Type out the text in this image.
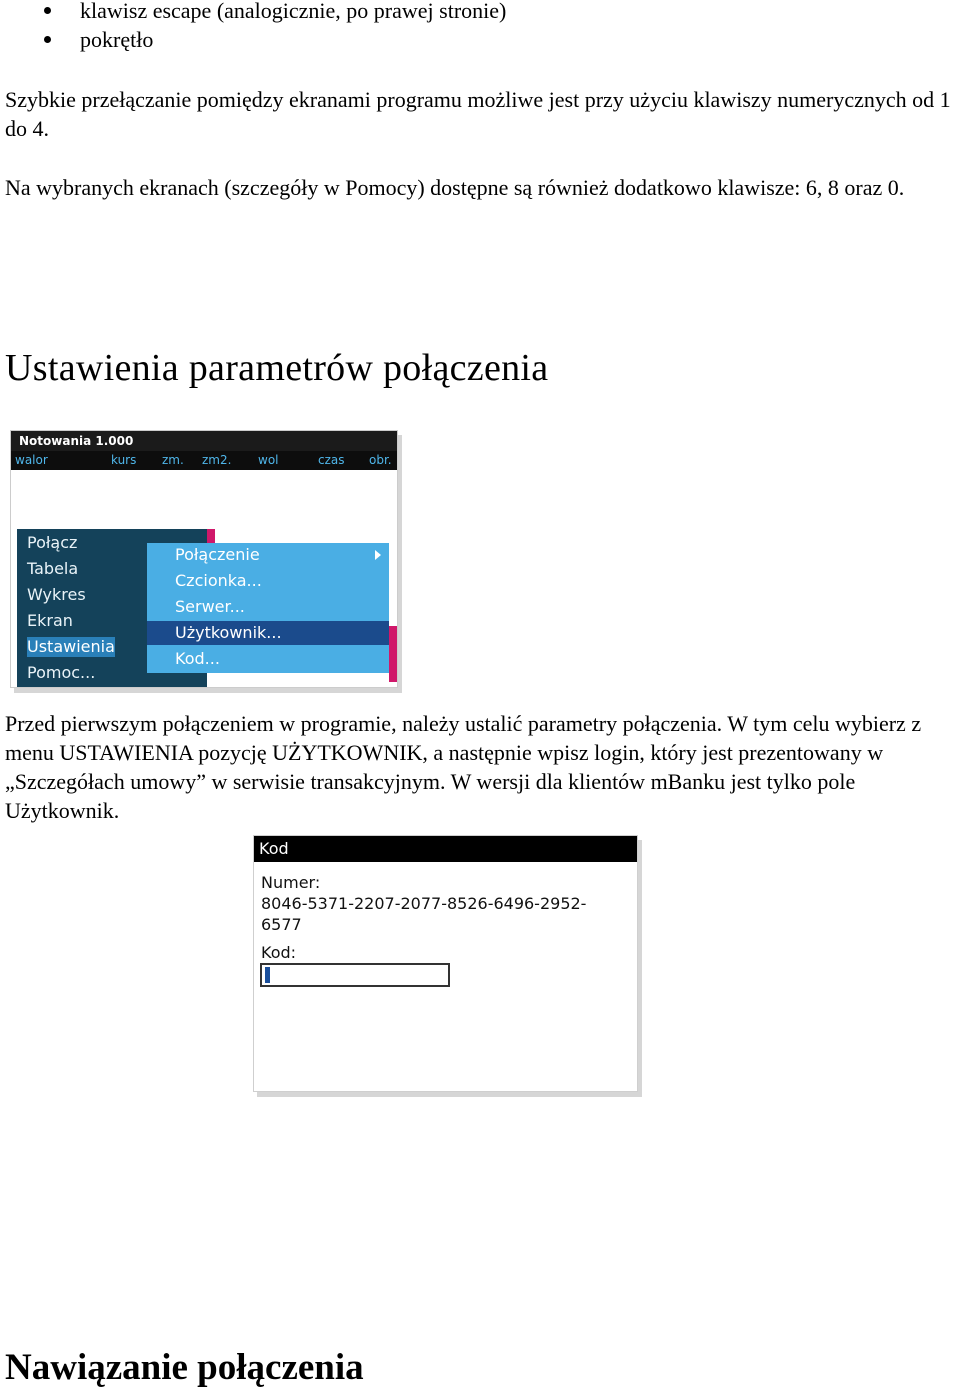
klawisz escape (analogicznie, po prawej stronie)
pokrętło

Szybkie przełączanie pomiędzy ekranami programu możliwe jest przy użyciu klawiszy numerycznych od 1 do 4.

Na wybranych ekranach (szczegóły w Pomocy) dostępne są również dodatkowo klawisze: 6, 8 oraz 0.

Ustawienia parametrów połączenia
Notowania 1.000
walor	kurs zm. zm2. wol	czas obr.
Połącz
Tabela
Wykres
Ekran
Ustawienia
Pomoc...
Połączenie
Czcionka...
Serwer...
Użytkownik...
Kod...

Przed pierwszym połączeniem w programie, należy ustalić parametry połączenia. W tym celu wybierz z menu USTAWIENIA pozycję UŻYTKOWNIK, a następnie wpisz login, który jest prezentowany w „Szczegółach umowy” w serwisie transakcyjnym. W wersji dla klientów mBanku jest tylko pole Użytkownik.

Kod
Numer:
8046-5371-2207-2077-8526-6496-2952-
6577
Kod:
Nawiązanie połączenia
